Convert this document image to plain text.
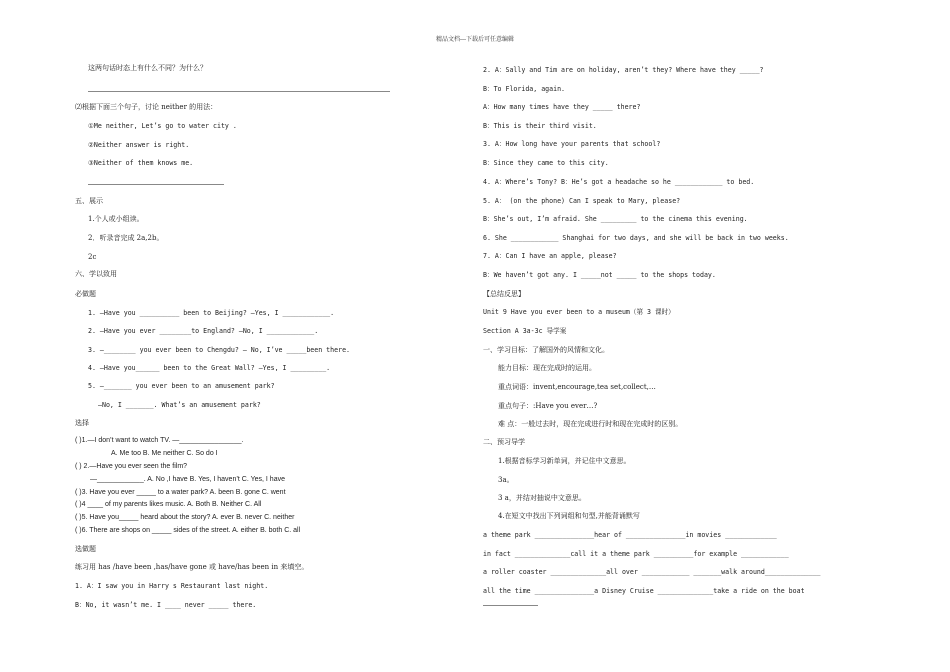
精品文档---下载后可任意编辑
这两句话时态上有什么不同？为什么？
⑵根据下面三个句子，讨论 neither 的用法：
①Me neither, Let’s go to water city .
②Neither answer is right.
③Neither of them knows me.
五、展示
1.个人或小组读。
2．听录音完成 2a,2b。
2c
六、学以致用
必做题
1. —Have you __________ been to Beijing? —Yes, I ____________.
2. —Have you ever ________to England? —No, I ____________.
3. —________ you ever been to Chengdu? — No, I’ve _____been there.
4. —Have you______ been to the Great Wall? —Yes, I _________.
5. —_______ you ever been to an amusement park?
—No, I _______. What’s an amusement park?
选择
( )1.—I don’t want to watch TV. —________________.
A. Me too B. Me neither C. So do I
( ) 2.—Have you ever seen the film?
—____________. A. No ,I have B. Yes, I haven’t C. Yes, I have
( )3. Have you ever _____ to a water park? A. been B. gone C. went
( )4 ____ of my parents likes music. A. Both B. Neither C. All
( )5. Have you_____ heard about the story? A. ever B. never C. neither
( )6. There are shops on _____ sides of the street. A. either B. both C. all
选做题
练习用 has /have been ,has/have gone 或 have/has been in 来填空。
1. A：I saw you in Harry s Restaurant last night.
B：No, it wasn’t me. I ____ never _____ there.
2. A：Sally and Tim are on holiday, aren’t they? Where have they _____?
B：To Florida, again.
A：How many times have they _____ there?
B：This is their third visit.
3. A：How long have your parents that school?
B：Since they came to this city.
4. A：Where’s Tony? B：He’s got a headache so he ____________ to bed.
5. A： (on the phone) Can I speak to Mary, please?
B：She’s out, I’m afraid. She _________ to the cinema this evening.
6. She ____________ Shanghai for two days, and she will be back in two weeks.
7. A：Can I have an apple, please?
B：We haven’t got any. I _____not _____ to the shops today.
【总结反思】
Unit 9 Have you ever been to a museum（第 3 课时）
Section A 3a-3c 导学案
一、学习目标：了解国外的风情和文化。
能力目标：现在完成时的运用。
重点词语：invent,encourage,tea set,collect,…
重点句子：:Have you ever…?
难 点：一般过去时，现在完成进行时和现在完成时的区别。
二、预习导学
1.根据音标学习新单词，并记住中文意思。
3a。
3 a，并结对抽说中文意思。
4.在短文中找出下列词组和句型,并能背诵默写
a theme park _______________hear of _______________in movies _____________
in fact ______________call it a theme park __________for example ____________
a roller coaster ______________all over ____________ _______walk around______________
all the time _______________a Disney Cruise ______________take a ride on the boat
